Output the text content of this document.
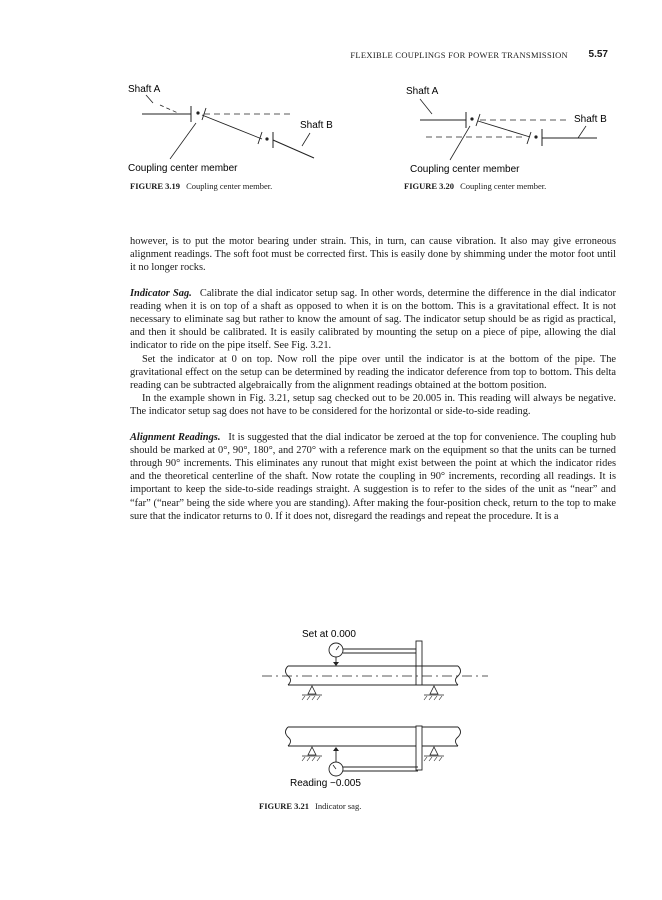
FLEXIBLE COUPLINGS FOR POWER TRANSMISSION 5.57
Shaft A
Shaft B
Coupling center member
FIGURE 3.19 Coupling center member.
Shaft A
Shaft B
Coupling center member
FIGURE 3.20 Coupling center member.

however, is to put the motor bearing under strain. This, in turn, can cause vibration. It also may give erroneous alignment readings. The soft foot must be corrected first. This is easily done by shimming under the motor foot until it no longer rocks.

Indicator Sag. Calibrate the dial indicator setup sag. In other words, determine the difference in the dial indicator reading when it is on top of a shaft as opposed to when it is on the bottom. This is a gravitational effect. It is not necessary to eliminate sag but rather to know the amount of sag. The indicator setup should be as rigid as practical, and then it should be calibrated. It is easily calibrated by mounting the setup on a piece of pipe, allowing the dial indicator to ride on the pipe itself. See Fig. 3.21.

Set the indicator at 0 on top. Now roll the pipe over until the indicator is at the bottom of the pipe. The gravitational effect on the setup can be determined by reading the indicator deference from top to bottom. This delta reading can be subtracted algebraically from the alignment readings obtained at the bottom position.

In the example shown in Fig. 3.21, setup sag checked out to be 20.005 in. This reading will always be negative. The indicator setup sag does not have to be considered for the horizontal or side-to-side reading.

Alignment Readings. It is suggested that the dial indicator be zeroed at the top for convenience. The coupling hub should be marked at 0°, 90°, 180°, and 270° with a reference mark on the equipment so that the units can be turned through 90° increments. This eliminates any runout that might exist between the point at which the indicator rides and the theoretical centerline of the shaft. Now rotate the coupling in 90° increments, recording all readings. It is important to keep the side-to-side readings straight. A suggestion is to refer to the sides of the unit as “near” and “far” (“near” being the side where you are standing). After making the four-position check, return to the top to make sure that the indicator returns to 0. If it does not, disregard the readings and repeat the procedure. It is a

Set at 0.000
Reading −0.005
FIGURE 3.21 Indicator sag.
